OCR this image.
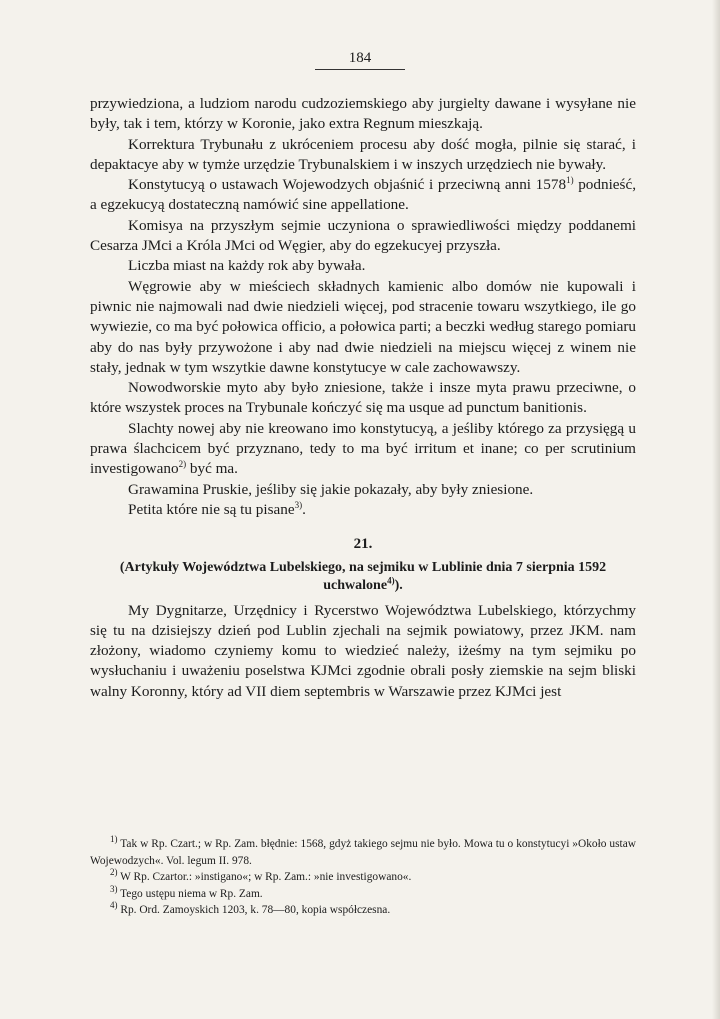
184

przywiedziona, a ludziom narodu cudzoziemskiego aby jurgielty dawane i wysyłane nie były, tak i tem, którzy w Koronie, jako extra Regnum mieszkają.

Korrektura Trybunału z ukróceniem procesu aby dość mogła, pilnie się starać, i depaktacye aby w tymże urzędzie Trybunalskiem i w inszych urzędziech nie bywały.

Konstytucyą o ustawach Wojewodzych objaśnić i przeciwną anni 1578$^{1)}$ podnieść, a egzekucyą dostateczną namówić sine appellatione.

Komisya na przyszłym sejmie uczyniona o sprawiedliwości między poddanemi Cesarza JMci a Króla JMci od Węgier, aby do egzekucyej przyszła.

Liczba miast na każdy rok aby bywała.

Węgrowie aby w mieściech składnych kamienic albo domów nie kupowali i piwnic nie najmowali nad dwie niedzieli więcej, pod stracenie towaru wszytkiego, ile go wywiezie, co ma być połowica officio, a połowica parti; a beczki według starego pomiaru aby do nas były przywożone i aby nad dwie niedzieli na miejscu więcej z winem nie stały, jednak w tym wszytkie dawne konstytucye w cale zachowawszy.

Nowodworskie myto aby było zniesione, także i insze myta prawu przeciwne, o które wszystek proces na Trybunale kończyć się ma usque ad punctum banitionis.

Slachty nowej aby nie kreowano imo konstytucyą, a jeśliby którego za przysięgą u prawa ślachcicem być przyznano, tedy to ma być irritum et inane; co per scrutinium investigowano$^{2)}$ być ma.

Grawamina Pruskie, jeśliby się jakie pokazały, aby były zniesione.

Petita które nie są tu pisane$^{3)}$.

21.
(Artykuły Województwa Lubelskiego, na sejmiku w Lublinie dnia 7 sierpnia 1592 uchwalone$^{4)}$).

My Dygnitarze, Urzędnicy i Rycerstwo Województwa Lubelskiego, którzychmy się tu na dzisiejszy dzień pod Lublin zjechali na sejmik powiatowy, przez JKM. nam złożony, wiadomo czyniemy komu to wiedzieć należy, iżeśmy na tym sejmiku po wysłuchaniu i uważeniu poselstwa KJMci zgodnie obrali posły ziemskie na sejm bliski walny Koronny, który ad VII diem septembris w Warszawie przez KJMci jest

$^{1)}$ Tak w Rp. Czart.; w Rp. Zam. błędnie: 1568, gdyż takiego sejmu nie było. Mowa tu o konstytucyi »Około ustaw Wojewodzych«. Vol. legum II. 978.

$^{2)}$ W Rp. Czartor.: »instigano«; w Rp. Zam.: »nie investigowano«.

$^{3)}$ Tego ustępu niema w Rp. Zam.

$^{4)}$ Rp. Ord. Zamoyskich 1203, k. 78—80, kopia współczesna.
